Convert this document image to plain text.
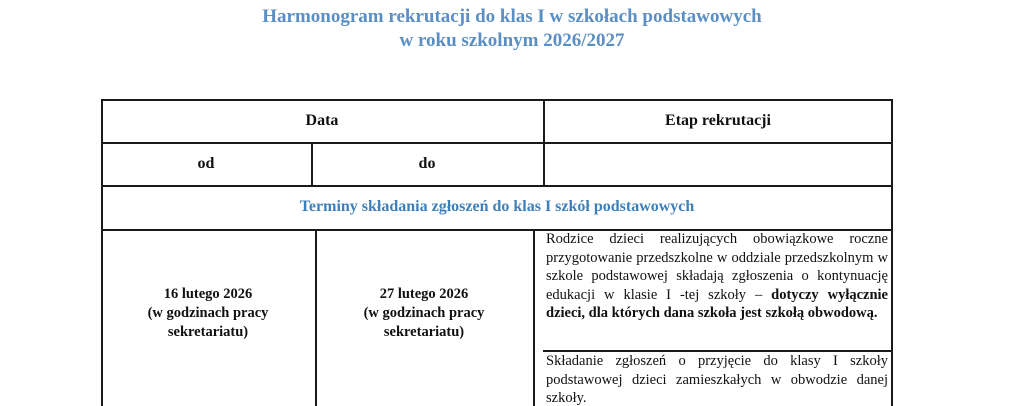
Harmonogram rekrutacji do klas I w szkołach podstawowych
w roku szkolnym 2026/2027
Data	Etap rekrutacji
od	do
Terminy składania zgłoszeń do klas I szkół podstawowych
16 lutego 2026
(w godzinach pracy
sekretariatu)
27 lutego 2026
(w godzinach pracy
sekretariatu)
Rodzice dzieci realizujących obowiązkowe roczne przygotowanie przedszkolne w oddziale przedszkolnym w szkole podstawowej składają zgłoszenia o kontynuację edukacji w klasie I -tej szkoły – dotyczy wyłącznie dzieci, dla których dana szkoła jest szkołą obwodową.
Składanie zgłoszeń o przyjęcie do klasy I szkoły podstawowej dzieci zamieszkałych w obwodzie danej szkoły.
